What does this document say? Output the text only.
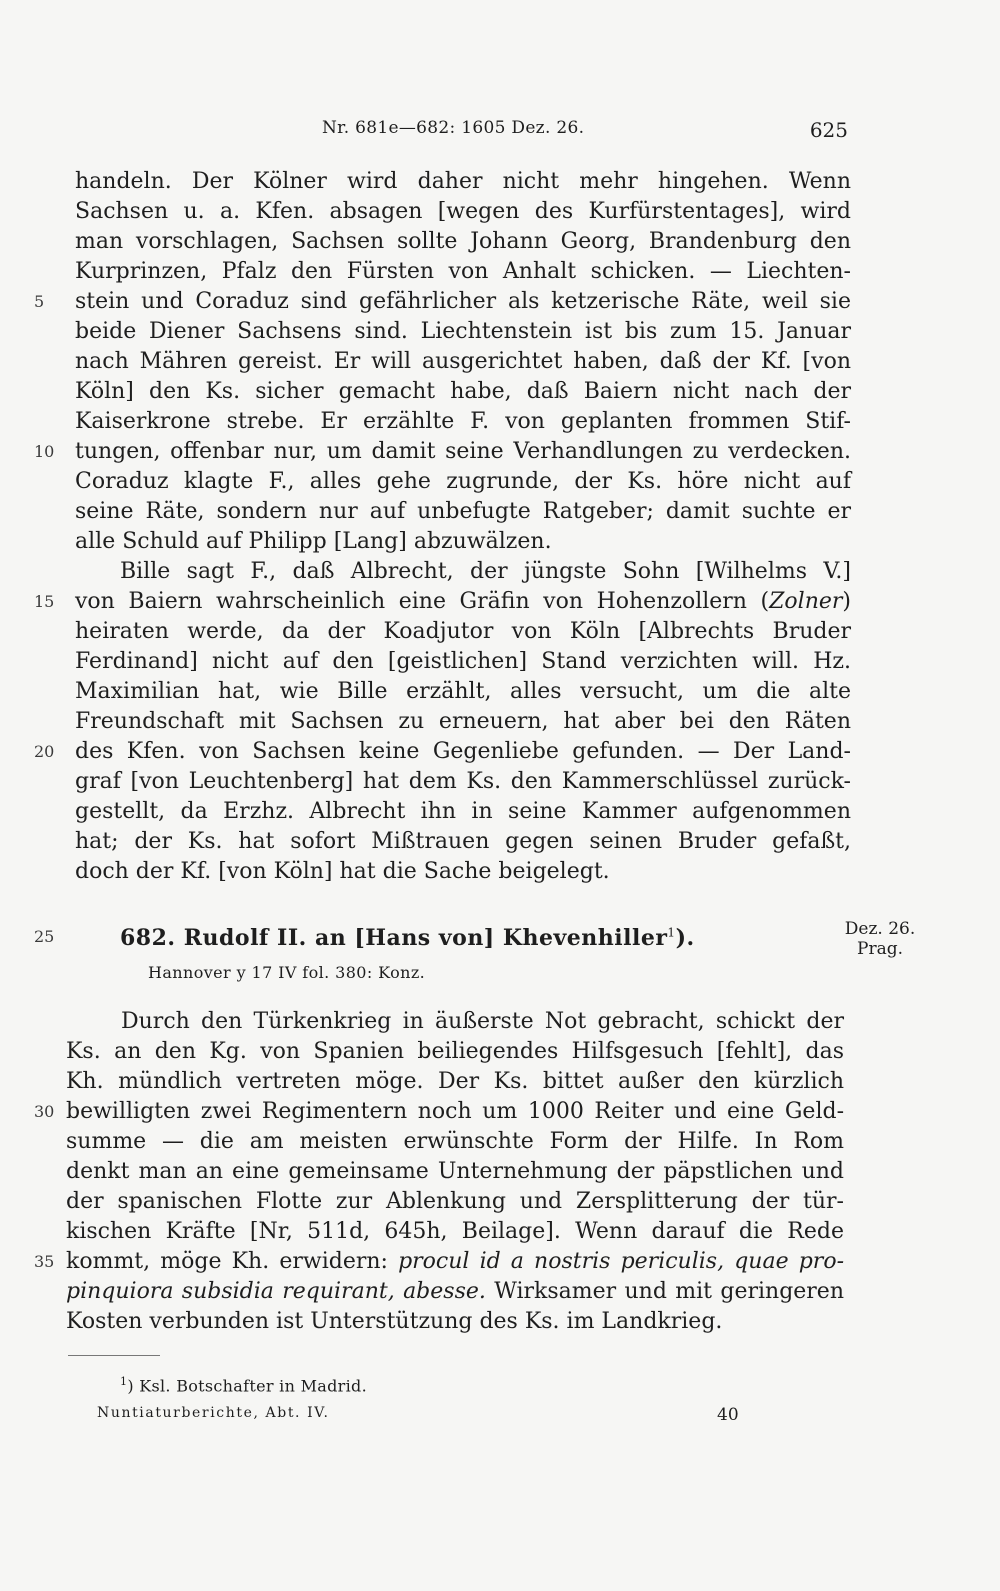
Nr. 681e—682: 1605 Dez. 26.	625
handeln. Der Kölner wird daher nicht mehr hingehen. Wenn
Sachsen u. a. Kfen. absagen [wegen des Kurfürstentages], wird
man vorschlagen, Sachsen sollte Johann Georg, Brandenburg den
Kurprinzen, Pfalz den Fürsten von Anhalt schicken. — Liechten-
5	stein und Coraduz sind gefährlicher als ketzerische Räte, weil sie
beide Diener Sachsens sind. Liechtenstein ist bis zum 15. Januar
nach Mähren gereist. Er will ausgerichtet haben, daß der Kf. [von
Köln] den Ks. sicher gemacht habe, daß Baiern nicht nach der
Kaiserkrone strebe. Er erzählte F. von geplanten frommen Stif-
10 tungen, offenbar nur, um damit seine Verhandlungen zu verdecken.
Coraduz klagte F., alles gehe zugrunde, der Ks. höre nicht auf
seine Räte, sondern nur auf unbefugte Ratgeber; damit suchte er
alle Schuld auf Philipp [Lang] abzuwälzen.
Bille sagt F., daß Albrecht, der jüngste Sohn [Wilhelms V.]
15 von Baiern wahrscheinlich eine Gräfin von Hohenzollern (Zolner)
heiraten werde, da der Koadjutor von Köln [Albrechts Bruder
Ferdinand] nicht auf den [geistlichen] Stand verzichten will. Hz.
Maximilian hat, wie Bille erzählt, alles versucht, um die alte
Freundschaft mit Sachsen zu erneuern, hat aber bei den Räten
20 des Kfen. von Sachsen keine Gegenliebe gefunden. — Der Land-
graf [von Leuchtenberg] hat dem Ks. den Kammerschlüssel zurück-
gestellt, da Erzhz. Albrecht ihn in seine Kammer aufgenommen
hat; der Ks. hat sofort Mißtrauen gegen seinen Bruder gefaßt,
doch der Kf. [von Köln] hat die Sache beigelegt.
25	682. Rudolf II. an [Hans von] Khevenhiller$^1$).	Dez. 26.
Prag.
Hannover y 17 IV fol. 380: Konz.
Durch den Türkenkrieg in äußerste Not gebracht, schickt der
Ks. an den Kg. von Spanien beiliegendes Hilfsgesuch [fehlt], das
Kh. mündlich vertreten möge. Der Ks. bittet außer den kürzlich
30 bewilligten zwei Regimentern noch um 1000 Reiter und eine Geld-
summe — die am meisten erwünschte Form der Hilfe. In Rom
denkt man an eine gemeinsame Unternehmung der päpstlichen und
der spanischen Flotte zur Ablenkung und Zersplitterung der tür-
kischen Kräfte [Nr, 511d, 645h, Beilage]. Wenn darauf die Rede
35 kommt, möge Kh. erwidern: procul id a nostris periculis, quae pro-
pinquiora subsidia requirant, abesse. Wirksamer und mit geringeren
Kosten verbunden ist Unterstützung des Ks. im Landkrieg.
$^1$) Ksl. Botschafter in Madrid.
Nuntiaturberichte, Abt. IV.	40
